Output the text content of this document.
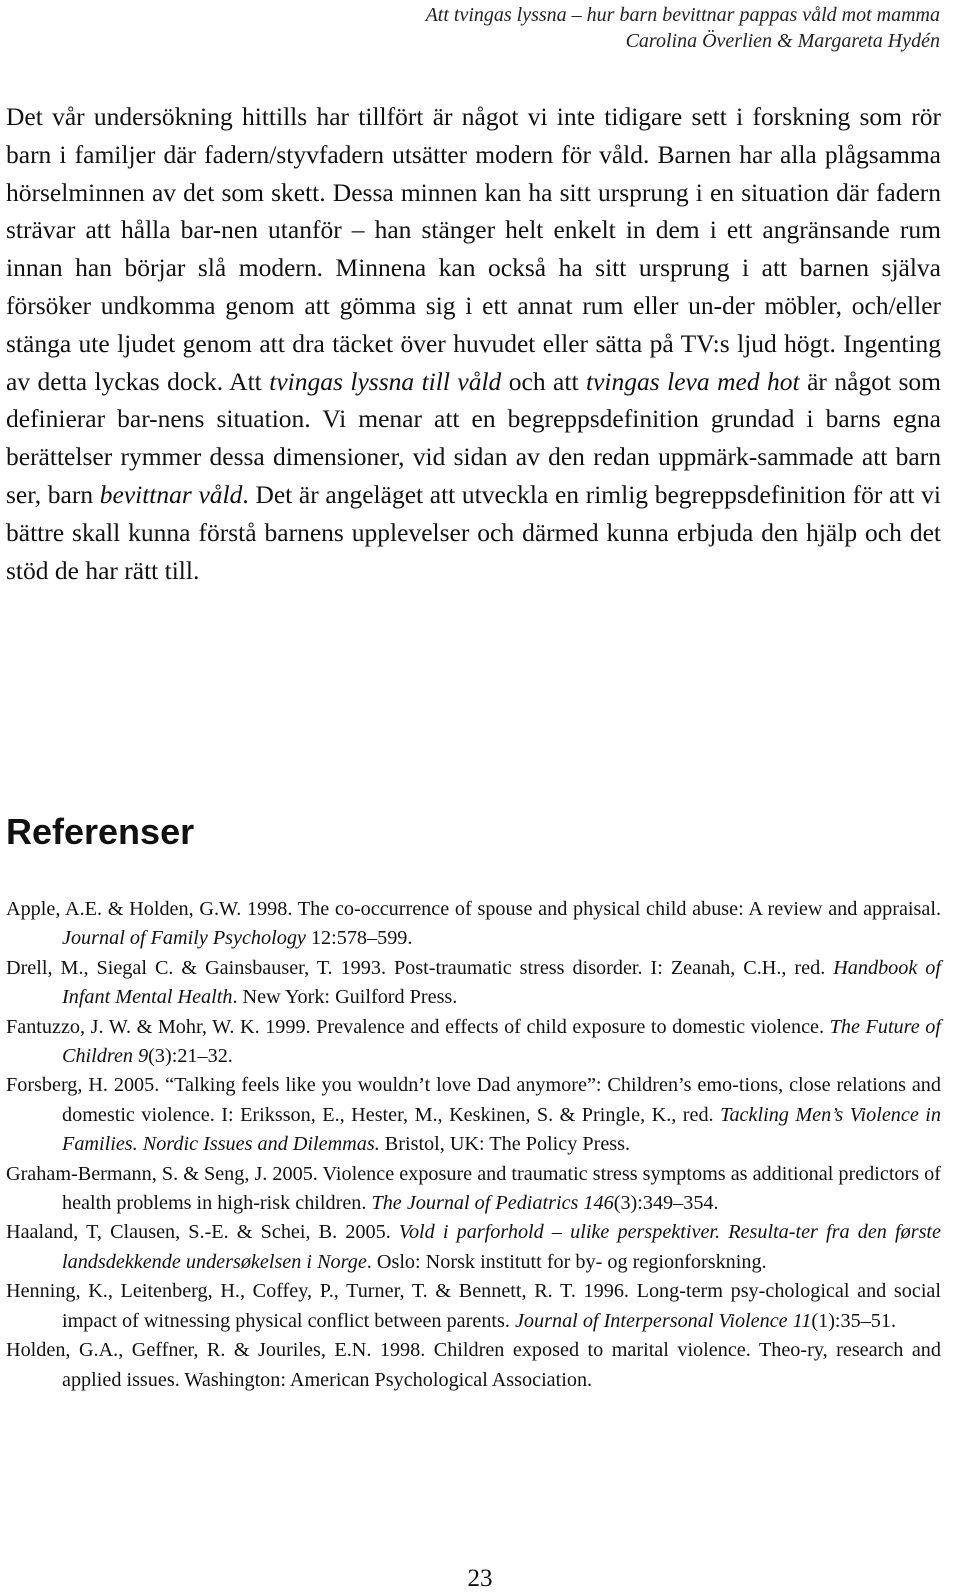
Att tvingas lyssna – hur barn bevittnar pappas våld mot mamma
Carolina Överlien & Margareta Hydén

Det vår undersökning hittills har tillfört är något vi inte tidigare sett i forskning som rör barn i familjer där fadern/styvfadern utsätter modern för våld. Barnen har alla plågsamma hörselminnen av det som skett. Dessa minnen kan ha sitt ursprung i en situation där fadern strävar att hålla bar-nen utanför – han stänger helt enkelt in dem i ett angränsande rum innan han börjar slå modern. Minnena kan också ha sitt ursprung i att barnen själva försöker undkomma genom att gömma sig i ett annat rum eller un-der möbler, och/eller stänga ute ljudet genom att dra täcket över huvudet eller sätta på TV:s ljud högt. Ingenting av detta lyckas dock. Att tvingas lyssna till våld och att tvingas leva med hot är något som definierar bar-nens situation. Vi menar att en begreppsdefinition grundad i barns egna berättelser rymmer dessa dimensioner, vid sidan av den redan uppmärk-sammade att barn ser, barn bevittnar våld. Det är angeläget att utveckla en rimlig begreppsdefinition för att vi bättre skall kunna förstå barnens upplevelser och därmed kunna erbjuda den hjälp och det stöd de har rätt till.

Referenser
Apple, A.E. & Holden, G.W. 1998. The co-occurrence of spouse and physical child abuse: A review and appraisal. Journal of Family Psychology 12:578–599.
Drell, M., Siegal C. & Gainsbauser, T. 1993. Post-traumatic stress disorder. I: Zeanah, C.H., red. Handbook of Infant Mental Health. New York: Guilford Press.
Fantuzzo, J. W. & Mohr, W. K. 1999. Prevalence and effects of child exposure to domestic violence. The Future of Children 9(3):21–32.
Forsberg, H. 2005. “Talking feels like you wouldn’t love Dad anymore”: Children’s emo-tions, close relations and domestic violence. I: Eriksson, E., Hester, M., Keskinen, S. & Pringle, K., red. Tackling Men’s Violence in Families. Nordic Issues and Dilemmas. Bristol, UK: The Policy Press.
Graham-Bermann, S. & Seng, J. 2005. Violence exposure and traumatic stress symptoms as additional predictors of health problems in high-risk children. The Journal of Pediatrics 146(3):349–354.
Haaland, T, Clausen, S.-E. & Schei, B. 2005. Vold i parforhold – ulike perspektiver. Resulta-ter fra den første landsdekkende undersøkelsen i Norge. Oslo: Norsk institutt for by- og regionforskning.
Henning, K., Leitenberg, H., Coffey, P., Turner, T. & Bennett, R. T. 1996. Long-term psy-chological and social impact of witnessing physical conflict between parents. Journal of Interpersonal Violence 11(1):35–51.
Holden, G.A., Geffner, R. & Jouriles, E.N. 1998. Children exposed to marital violence. Theo-ry, research and applied issues. Washington: American Psychological Association.
23
